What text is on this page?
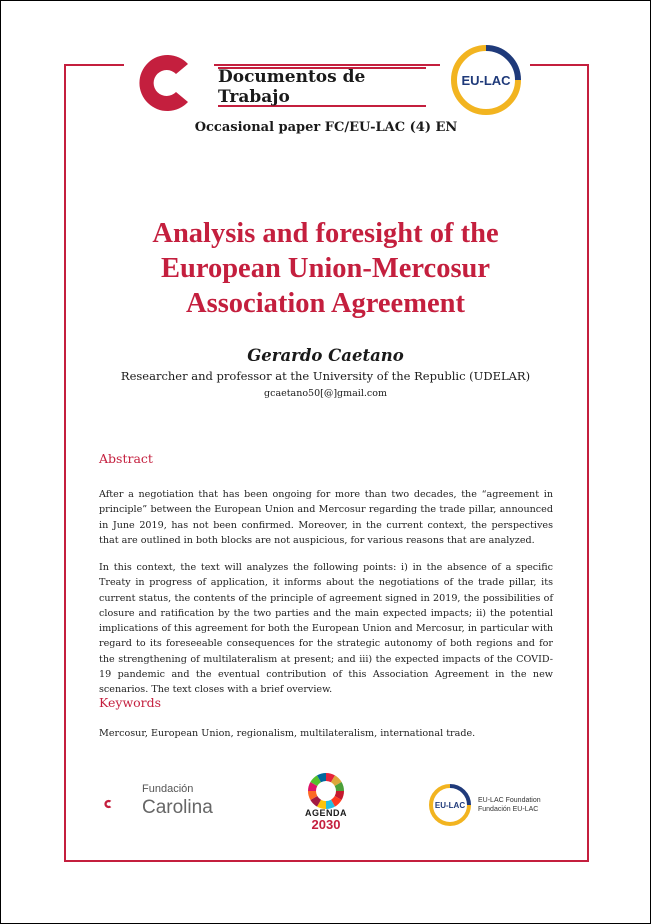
EU-LAC
Documentos de Trabajo
Occasional paper FC/EU-LAC (4) EN
Analysis and foresight of the
European Union-Mercosur
Association Agreement
Gerardo Caetano
Researcher and professor at the University of the Republic (UDELAR)
gcaetano50[@]gmail.com
Abstract
After a negotiation that has been ongoing for more than two decades, the “agreement in principle” between the European Union and Mercosur regarding the trade pillar, announced in June 2019, has not been confirmed. Moreover, in the current context, the perspectives that are outlined in both blocks are not auspicious, for various reasons that are analyzed.
In this context, the text will analyzes the following points: i) in the absence of a specific Treaty in progress of application, it informs about the negotiations of the trade pillar, its current status, the contents of the principle of agreement signed in 2019, the possibilities of closure and ratification by the two parties and the main expected impacts; ii) the potential implications of this agreement for both the European Union and Mercosur, in particular with regard to its foreseeable consequences for the strategic autonomy of both regions and for the strengthening of multilateralism at present; and iii) the expected impacts of the COVID-19 pandemic and the eventual contribution of this Association Agreement in the new scenarios. The text closes with a brief overview.
Keywords
Mercosur, European Union, regionalism, multilateralism, international trade.
Fundación
Carolina	AGENDA
2030
EU-LAC
EU-LAC Foundation
Fundación EU-LAC
